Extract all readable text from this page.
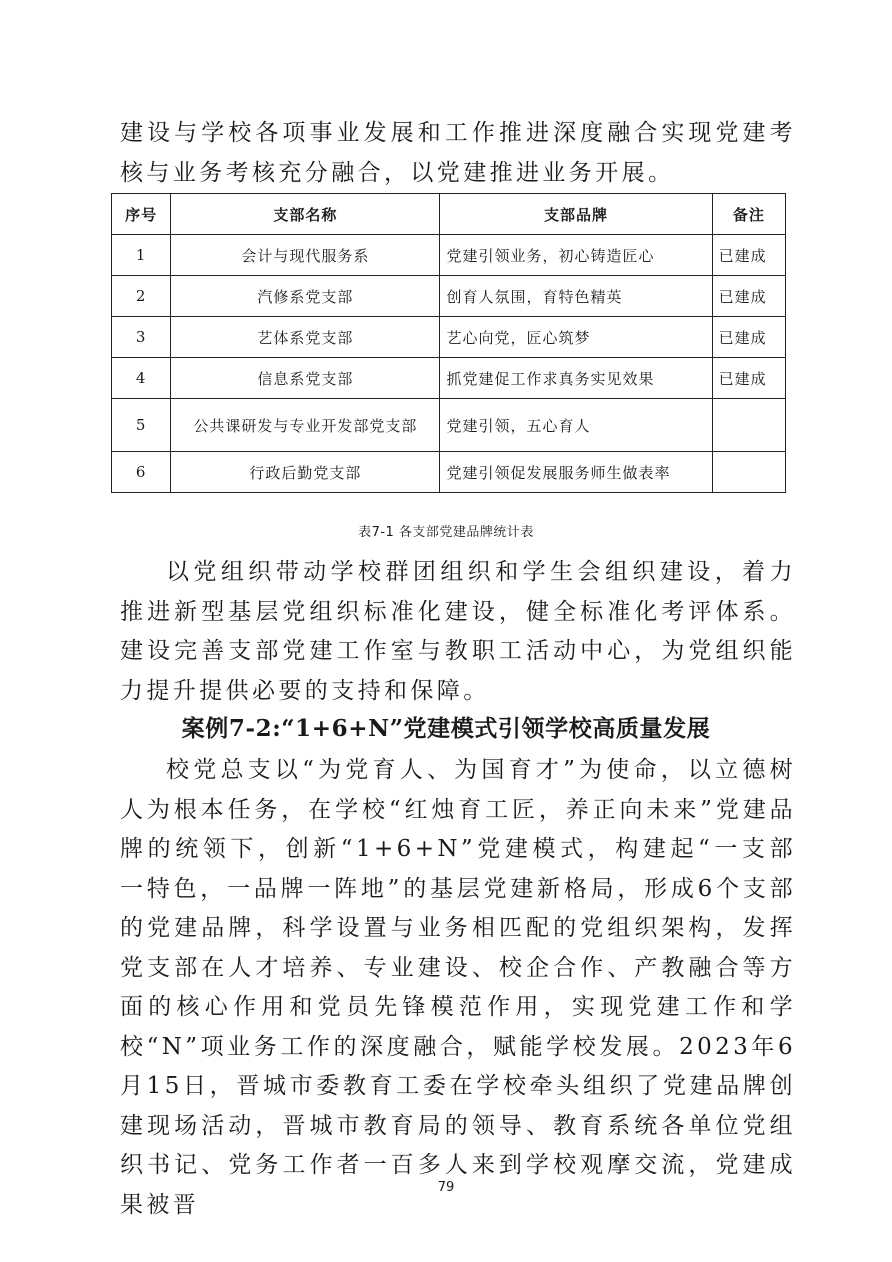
建设与学校各项事业发展和工作推进深度融合实现党建考核与业务考核充分融合，以党建推进业务开展。

序号	支部名称	支部品牌	备注
1	会计与现代服务系	党建引领业务，初心铸造匠心	已建成
2	汽修系党支部	创育人氛围，育特色精英	已建成
3	艺体系党支部	艺心向党，匠心筑梦	已建成
4	信息系党支部	抓党建促工作求真务实见效果	已建成
5	公共课研发与专业开发部党支部	党建引领，五心育人	
6	行政后勤党支部	党建引领促发展服务师生做表率	
表7-1 各支部党建品牌统计表

以党组织带动学校群团组织和学生会组织建设，着力推进新型基层党组织标准化建设，健全标准化考评体系。建设完善支部党建工作室与教职工活动中心，为党组织能力提升提供必要的支持和保障。

案例7-2:“1+6+N”党建模式引领学校高质量发展

校党总支以“为党育人、为国育才”为使命，以立德树人为根本任务，在学校“红烛育工匠，养正向未来”党建品牌的统领下，创新“1+6+N”党建模式，构建起“一支部一特色，一品牌一阵地”的基层党建新格局，形成6个支部的党建品牌，科学设置与业务相匹配的党组织架构，发挥党支部在人才培养、专业建设、校企合作、产教融合等方面的核心作用和党员先锋模范作用，实现党建工作和学校“N”项业务工作的深度融合，赋能学校发展。2023年6月15日，晋城市委教育工委在学校牵头组织了党建品牌创建现场活动，晋城市教育局的领导、教育系统各单位党组织书记、党务工作者一百多人来到学校观摩交流，党建成果被晋

79
